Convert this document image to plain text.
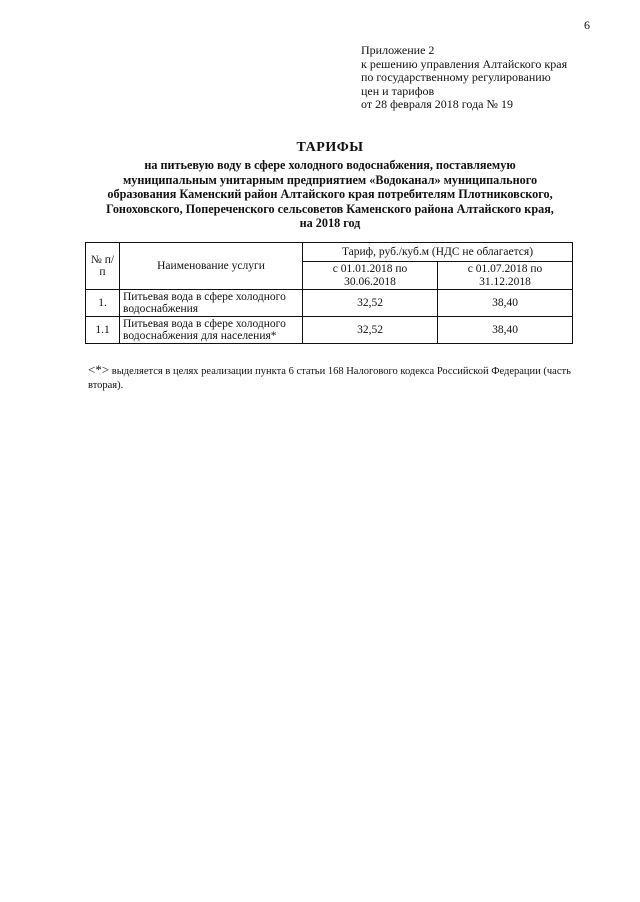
6
Приложение 2
к решению управления Алтайского края
по государственному регулированию
цен и тарифов
от 28 февраля 2018 года № 19
ТАРИФЫ
на питьевую воду в сфере холодного водоснабжения, поставляемую
муниципальным унитарным предприятием «Водоканал» муниципального
образования Каменский район Алтайского края потребителям Плотниковского,
Гоноховского, Попереченского сельсоветов Каменского района Алтайского края,
на 2018 год
№ п/п	Наименование услуги	Тариф, руб./куб.м (НДС не облагается)	
		с 01.01.2018 по 30.06.2018	с 01.07.2018 по 31.12.2018
1.	Питьевая вода в сфере холодного водоснабжения	32,52	38,40
1.1	Питьевая вода в сфере холодного водоснабжения для населения*	32,52	38,40
<*> выделяется в целях реализации пункта 6 статьи 168 Налогового кодекса Российской Федерации (часть вторая).
